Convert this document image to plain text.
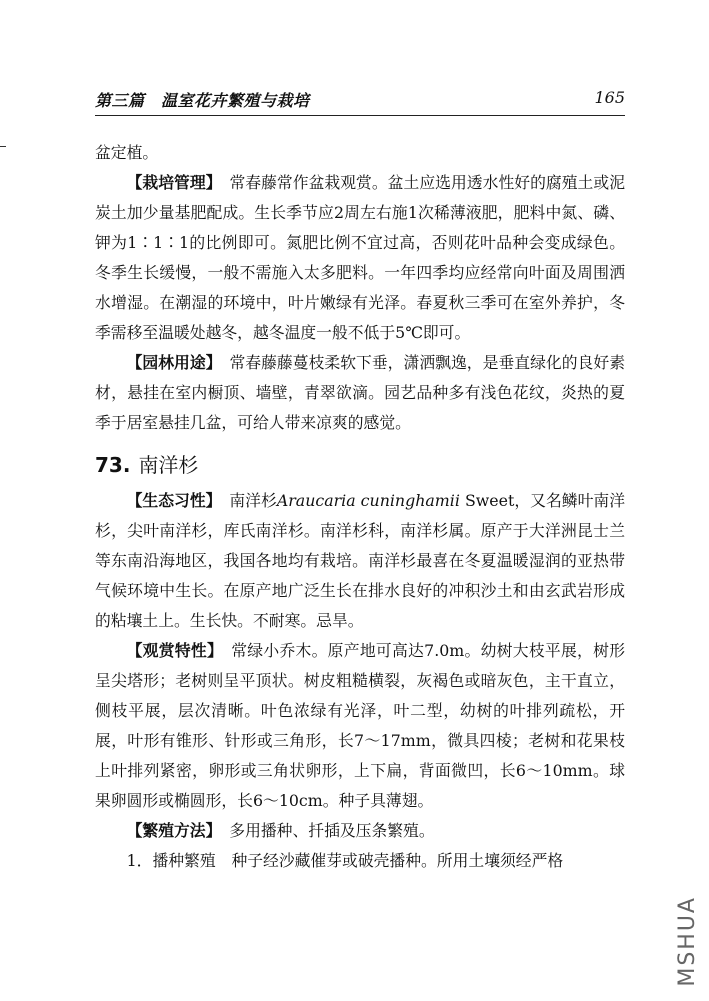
第三篇　温室花卉繁殖与栽培	165

盆定植。

【栽培管理】　常春藤常作盆栽观赏。盆土应选用透水性好的腐殖土或泥炭土加少量基肥配成。生长季节应2周左右施1次稀薄液肥，肥料中氮、磷、钾为1∶1∶1的比例即可。氮肥比例不宜过高，否则花叶品种会变成绿色。冬季生长缓慢，一般不需施入太多肥料。一年四季均应经常向叶面及周围洒水增湿。在潮湿的环境中，叶片嫩绿有光泽。春夏秋三季可在室外养护，冬季需移至温暖处越冬，越冬温度一般不低于5℃即可。

【园林用途】　常春藤藤蔓枝柔软下垂，潇洒飘逸，是垂直绿化的良好素材，悬挂在室内橱顶、墙壁，青翠欲滴。园艺品种多有浅色花纹，炎热的夏季于居室悬挂几盆，可给人带来凉爽的感觉。

73. 南洋杉

【生态习性】　南洋杉Araucaria cuninghamii Sweet，又名鳞叶南洋杉，尖叶南洋杉，库氏南洋杉。南洋杉科，南洋杉属。原产于大洋洲昆士兰等东南沿海地区，我国各地均有栽培。南洋杉最喜在冬夏温暖湿润的亚热带气候环境中生长。在原产地广泛生长在排水良好的冲积沙土和由玄武岩形成的粘壤土上。生长快。不耐寒。忌旱。

【观赏特性】　常绿小乔木。原产地可高达7.0m。幼树大枝平展，树形呈尖塔形；老树则呈平顶状。树皮粗糙横裂，灰褐色或暗灰色，主干直立，侧枝平展，层次清晰。叶色浓绿有光泽，叶二型，幼树的叶排列疏松，开展，叶形有锥形、针形或三角形，长7～17mm，微具四棱；老树和花果枝上叶排列紧密，卵形或三角状卵形，上下扁，背面微凹，长6～10mm。球果卵圆形或椭圆形，长6～10cm。种子具薄翅。

【繁殖方法】　多用播种、扦插及压条繁殖。

1．播种繁殖　种子经沙藏催芽或破壳播种。所用土壤须经严格

MSHUA
